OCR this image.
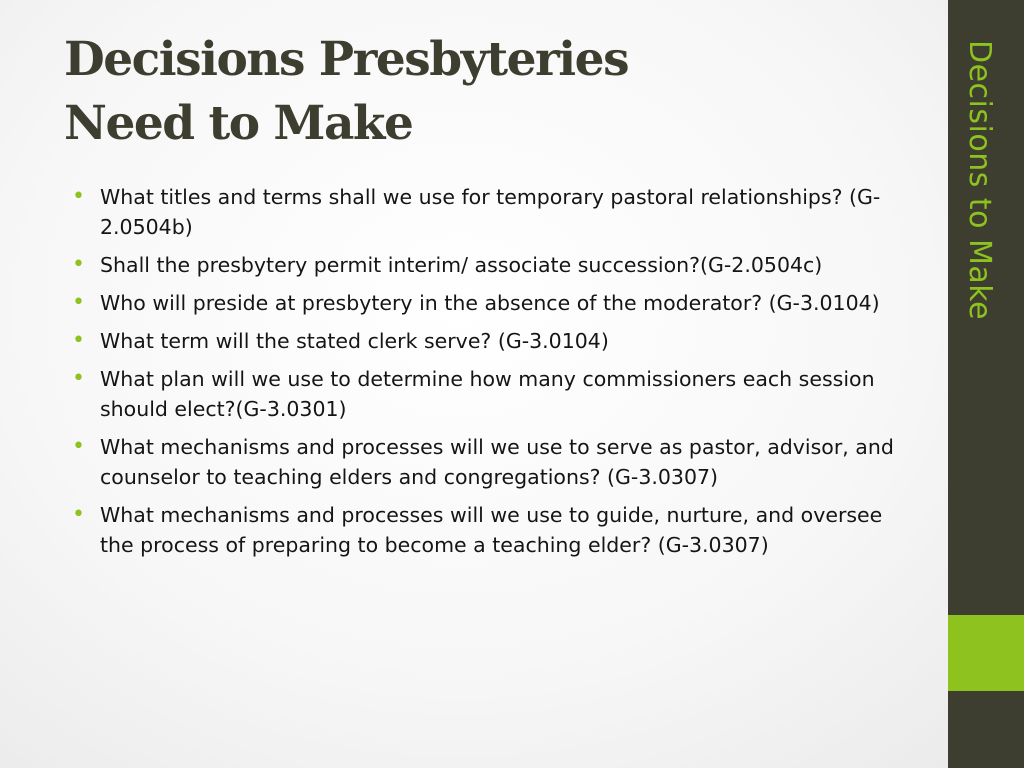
Decisions Presbyteries
Need to Make
• What titles and terms shall we use for temporary pastoral relationships? (G-2.0504b)
• Shall the presbytery permit interim/ associate succession?(G-2.0504c)
• Who will preside at presbytery in the absence of the moderator? (G-3.0104)
• What term will the stated clerk serve? (G-3.0104)
• What plan will we use to determine how many commissioners each session should elect?(G-3.0301)
• What mechanisms and processes will we use to serve as pastor, advisor, and counselor to teaching elders and congregations? (G-3.0307)
• What mechanisms and processes will we use to guide, nurture, and oversee the process of preparing to become a teaching elder? (G-3.0307)
Decisions to Make
